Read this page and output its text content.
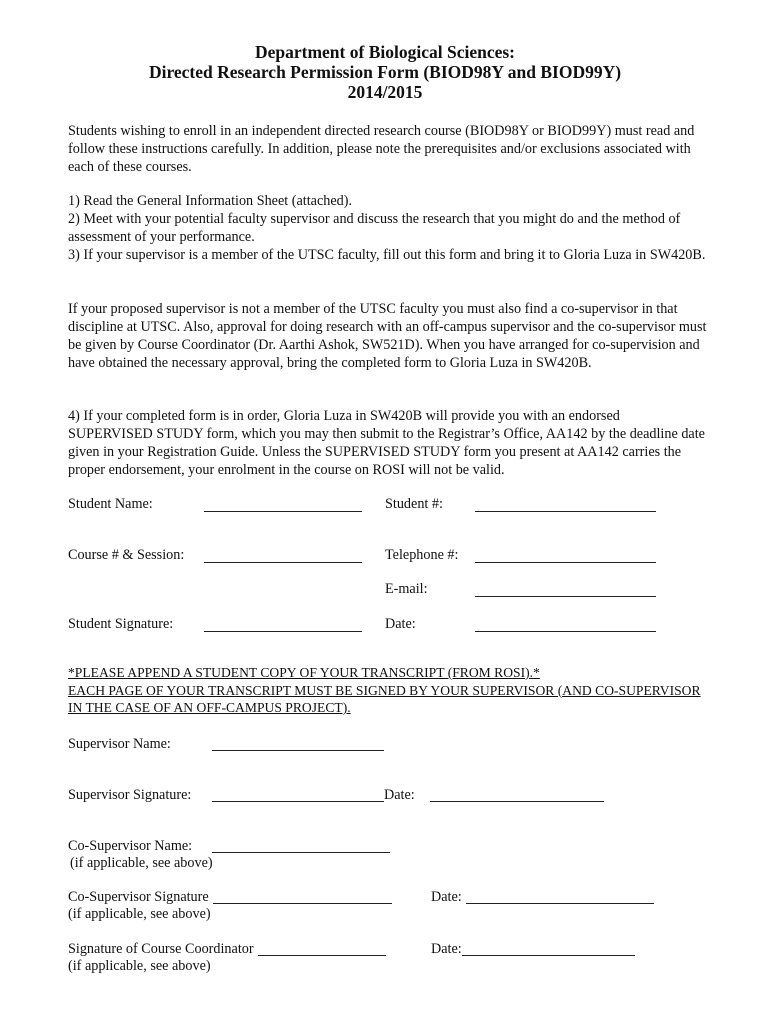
Department of Biological Sciences:
Directed Research Permission Form (BIOD98Y and BIOD99Y)
2014/2015

Students wishing to enroll in an independent directed research course (BIOD98Y or BIOD99Y) must read and follow these instructions carefully. In addition, please note the prerequisites and/or exclusions associated with each of these courses.

1) Read the General Information Sheet (attached).
2) Meet with your potential faculty supervisor and discuss the research that you might do and the method of assessment of your performance.
3) If your supervisor is a member of the UTSC faculty, fill out this form and bring it to Gloria Luza in SW420B.

If your proposed supervisor is not a member of the UTSC faculty you must also find a co-supervisor in that discipline at UTSC. Also, approval for doing research with an off-campus supervisor and the co-supervisor must be given by Course Coordinator (Dr. Aarthi Ashok, SW521D). When you have arranged for co-supervision and have obtained the necessary approval, bring the completed form to Gloria Luza in SW420B.

4) If your completed form is in order, Gloria Luza in SW420B will provide you with an endorsed SUPERVISED STUDY form, which you may then submit to the Registrar’s Office, AA142 by the deadline date given in your Registration Guide. Unless the SUPERVISED STUDY form you present at AA142 carries the proper endorsement, your enrolment in the course on ROSI will not be valid.

Student Name:	Student #:
Course # & Session:	Telephone #:
E-mail:
Student Signature:	Date:
*PLEASE APPEND A STUDENT COPY OF YOUR TRANSCRIPT (FROM ROSI).*
EACH PAGE OF YOUR TRANSCRIPT MUST BE SIGNED BY YOUR SUPERVISOR (AND CO-SUPERVISOR IN THE CASE OF AN OFF-CAMPUS PROJECT).
Supervisor Name:
Supervisor Signature:	Date:
Co-Supervisor Name:
(if applicable, see above)
Co-Supervisor Signature
(if applicable, see above)
Date:
Signature of Course Coordinator
(if applicable, see above)
Date:
